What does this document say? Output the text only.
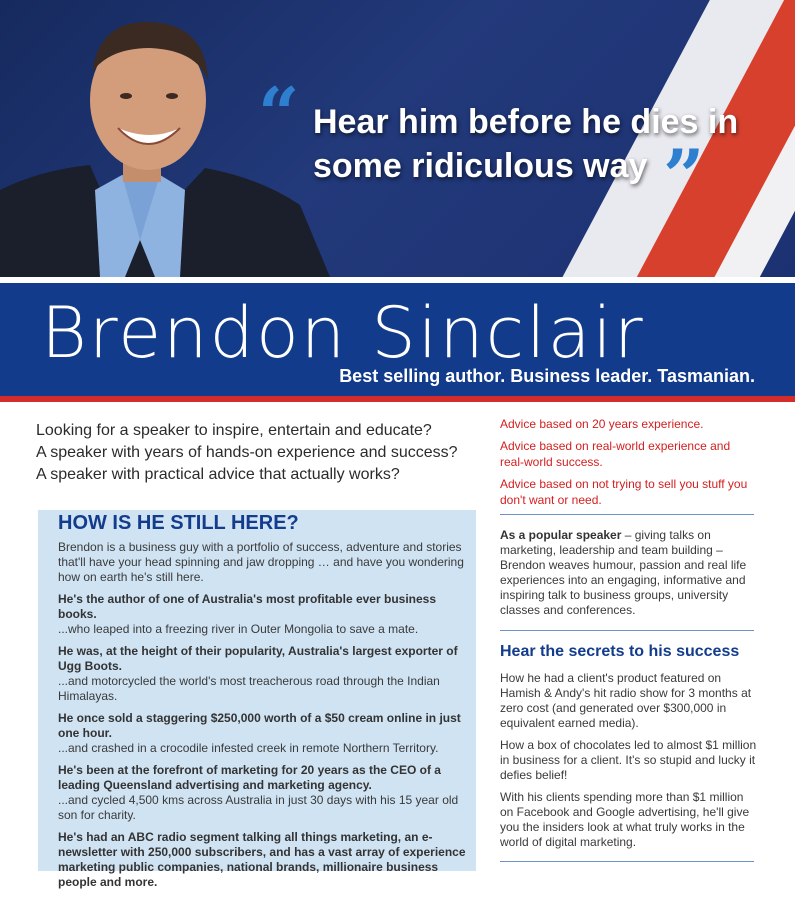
“ Hear him before he dies in some ridiculous way ”
Brendon Sinclair
Best selling author. Business leader. Tasmanian.

Looking for a speaker to inspire, entertain and educate?

A speaker with years of hands-on experience and success?

A speaker with practical advice that actually works?

Advice based on 20 years experience.

Advice based on real-world experience and real-world success.

Advice based on not trying to sell you stuff you don't want or need.

HOW IS HE STILL HERE?

Brendon is a business guy with a portfolio of success, adventure and stories that'll have your head spinning and jaw dropping … and have you wondering how on earth he's still here.

He's the author of one of Australia's most profitable ever business books.
...who leaped into a freezing river in Outer Mongolia to save a mate.

He was, at the height of their popularity, Australia's largest exporter of Ugg Boots.
...and motorcycled the world's most treacherous road through the Indian Himalayas.

He once sold a staggering $250,000 worth of a $50 cream online in just one hour.
...and crashed in a crocodile infested creek in remote Northern Territory.

He's been at the forefront of marketing for 20 years as the CEO of a leading Queensland advertising and marketing agency.
...and cycled 4,500 kms across Australia in just 30 days with his 15 year old son for charity.

He's had an ABC radio segment talking all things marketing, an e-newsletter with 250,000 subscribers, and has a vast array of experience marketing public companies, national brands, millionaire business people and more.

As a popular speaker – giving talks on marketing, leadership and team building – Brendon weaves humour, passion and real life experiences into an engaging, informative and inspiring talk to business groups, university classes and conferences.
Hear the secrets to his success

How he had a client's product featured on Hamish & Andy's hit radio show for 3 months at zero cost (and generated over $300,000 in equivalent earned media).

How a box of chocolates led to almost $1 million in business for a client. It's so stupid and lucky it defies belief!

With his clients spending more than $1 million on Facebook and Google advertising, he'll give you the insiders look at what truly works in the world of digital marketing.
